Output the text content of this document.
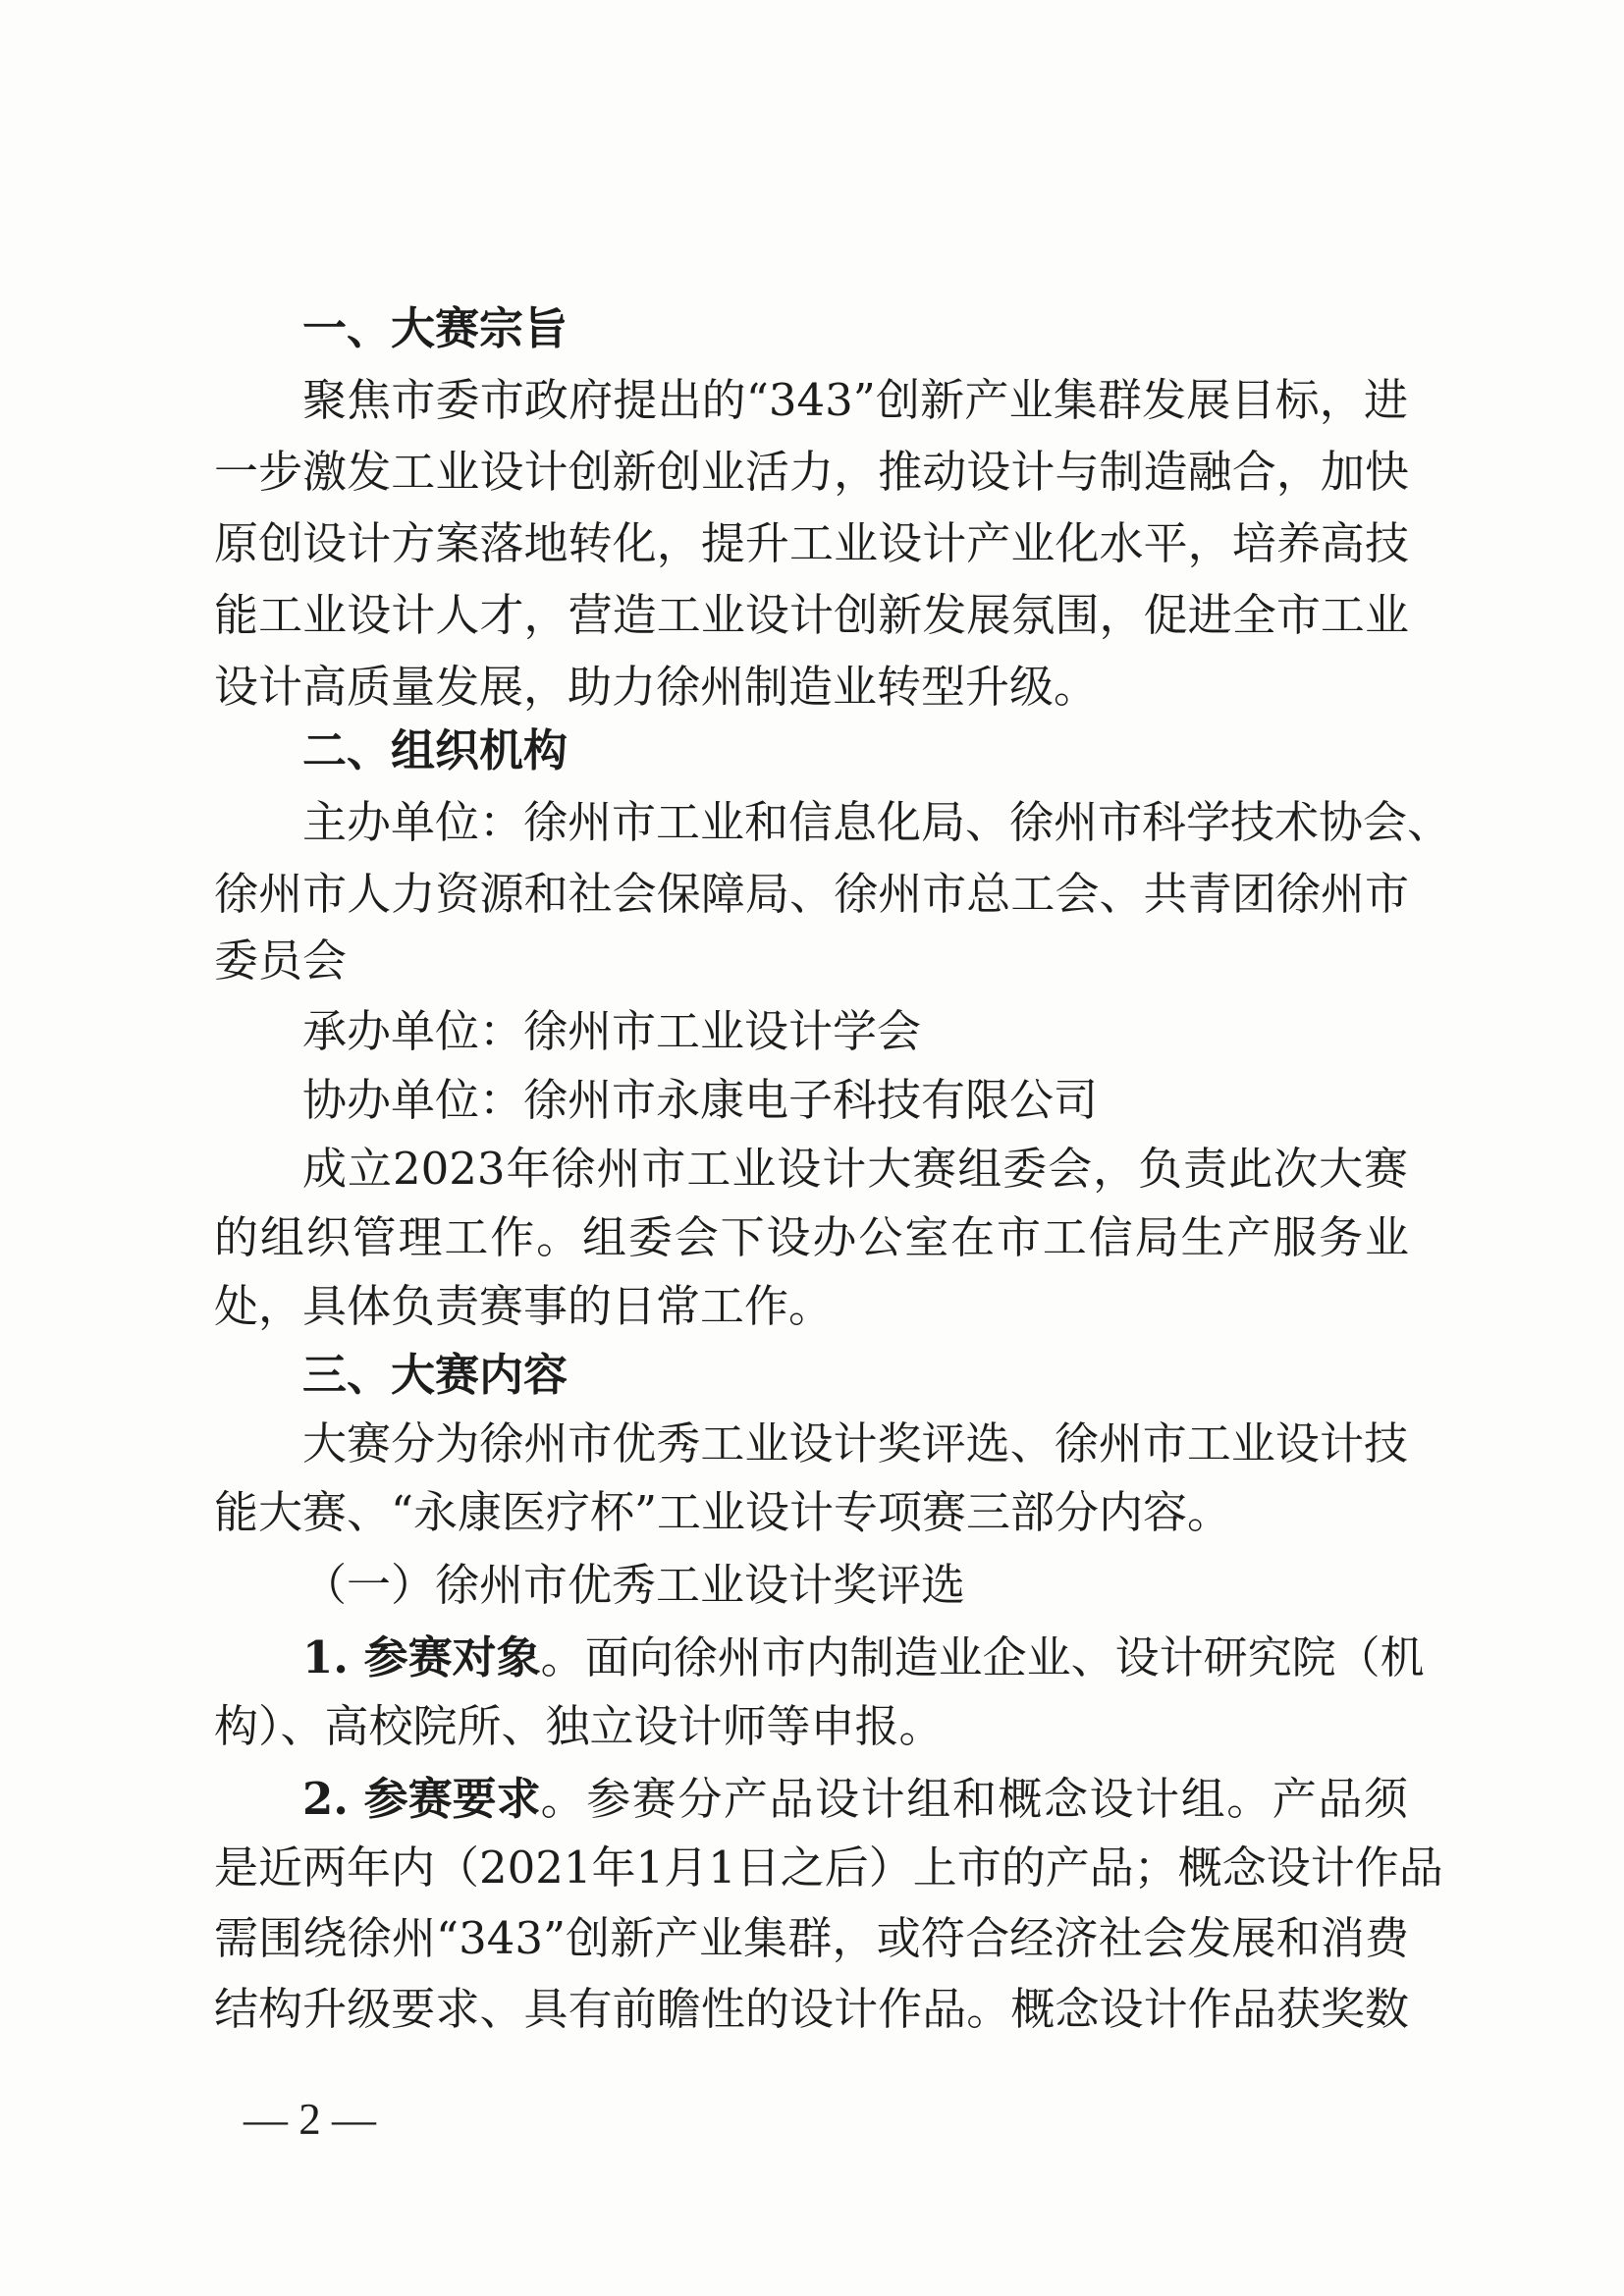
一、大赛宗旨
聚焦市委市政府提出的“343”创新产业集群发展目标，进
一步激发工业设计创新创业活力，推动设计与制造融合，加快
原创设计方案落地转化，提升工业设计产业化水平，培养高技
能工业设计人才，营造工业设计创新发展氛围，促进全市工业
设计高质量发展，助力徐州制造业转型升级。
二、组织机构
主办单位：徐州市工业和信息化局、徐州市科学技术协会、
徐州市人力资源和社会保障局、徐州市总工会、共青团徐州市
委员会
承办单位：徐州市工业设计学会
协办单位：徐州市永康电子科技有限公司
成立2023年徐州市工业设计大赛组委会，负责此次大赛
的组织管理工作。组委会下设办公室在市工信局生产服务业
处，具体负责赛事的日常工作。
三、大赛内容
大赛分为徐州市优秀工业设计奖评选、徐州市工业设计技
能大赛、“永康医疗杯”工业设计专项赛三部分内容。
（一）徐州市优秀工业设计奖评选
1. 参赛对象 。面向徐州市内制造业企业、设计研究院（机
构）、高校院所、独立设计师等申报。
2. 参赛要求 。参赛分产品设计组和概念设计组。产品须
是近两年内（2021年1月1日之后）上市的产品；概念设计作品
需围绕徐州“343”创新产业集群，或符合经济社会发展和消费
结构升级要求、具有前瞻性的设计作品。概念设计作品获奖数
— 2 —
